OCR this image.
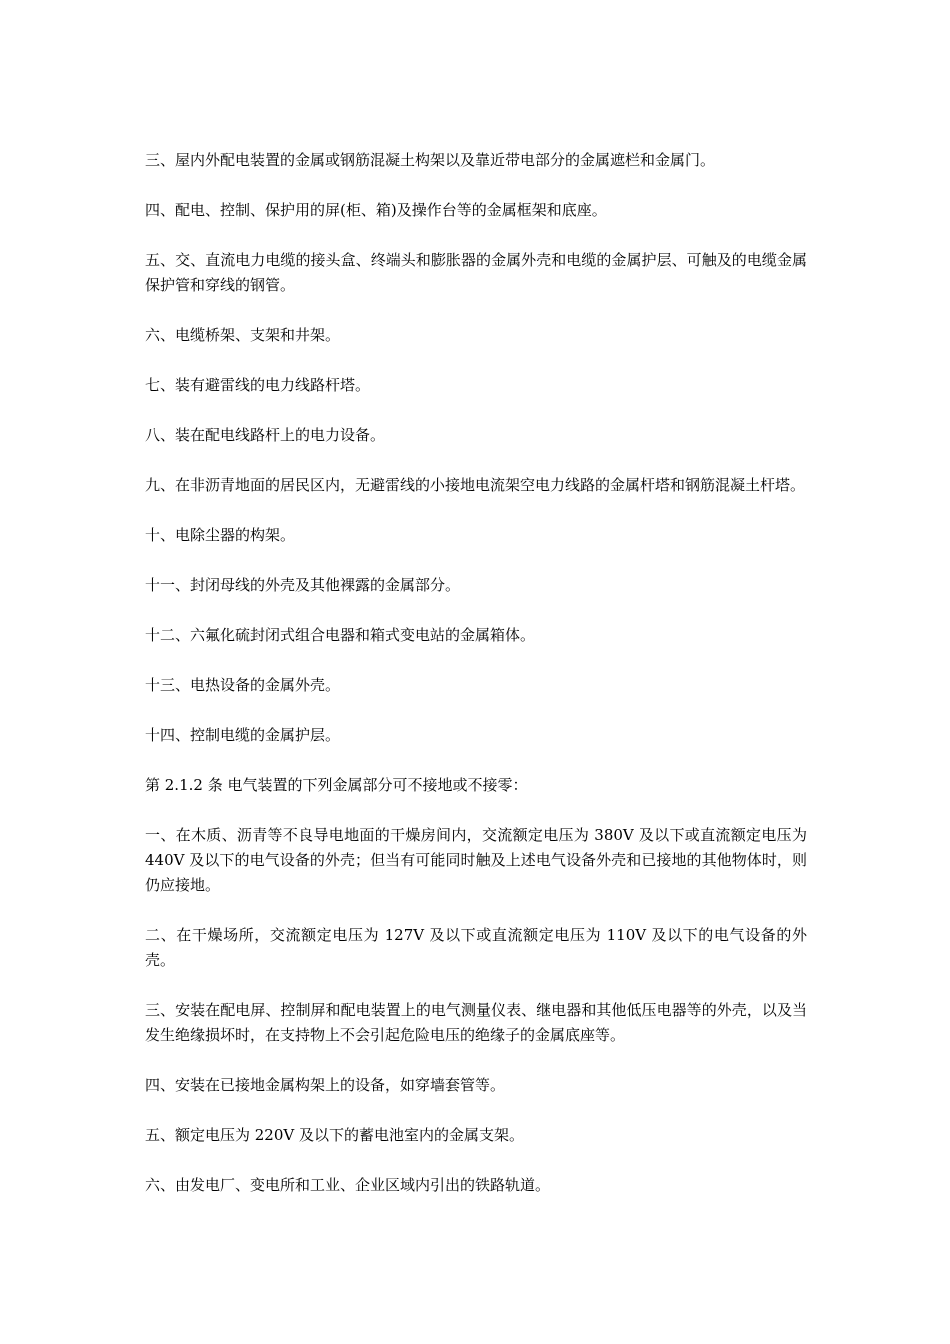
三、屋内外配电装置的金属或钢筋混凝土构架以及靠近带电部分的金属遮栏和金属门。

四、配电、控制、保护用的屏(柜、箱)及操作台等的金属框架和底座。

五、交、直流电力电缆的接头盒、终端头和膨胀器的金属外壳和电缆的金属护层、可触及的电缆金属保护管和穿线的钢管。

六、电缆桥架、支架和井架。

七、装有避雷线的电力线路杆塔。

八、装在配电线路杆上的电力设备。

九、在非沥青地面的居民区内，无避雷线的小接地电流架空电力线路的金属杆塔和钢筋混凝土杆塔。

十、电除尘器的构架。

十一、封闭母线的外壳及其他裸露的金属部分。

十二、六氟化硫封闭式组合电器和箱式变电站的金属箱体。

十三、电热设备的金属外壳。

十四、控制电缆的金属护层。

第 2.1.2 条 电气装置的下列金属部分可不接地或不接零：

一、在木质、沥青等不良导电地面的干燥房间内，交流额定电压为 380V 及以下或直流额定电压为 440V 及以下的电气设备的外壳；但当有可能同时触及上述电气设备外壳和已接地的其他物体时，则仍应接地。

二、在干燥场所，交流额定电压为 127V 及以下或直流额定电压为 110V 及以下的电气设备的外壳。

三、安装在配电屏、控制屏和配电装置上的电气测量仪表、继电器和其他低压电器等的外壳，以及当发生绝缘损坏时，在支持物上不会引起危险电压的绝缘子的金属底座等。

四、安装在已接地金属构架上的设备，如穿墙套管等。

五、额定电压为 220V 及以下的蓄电池室内的金属支架。

六、由发电厂、变电所和工业、企业区域内引出的铁路轨道。
